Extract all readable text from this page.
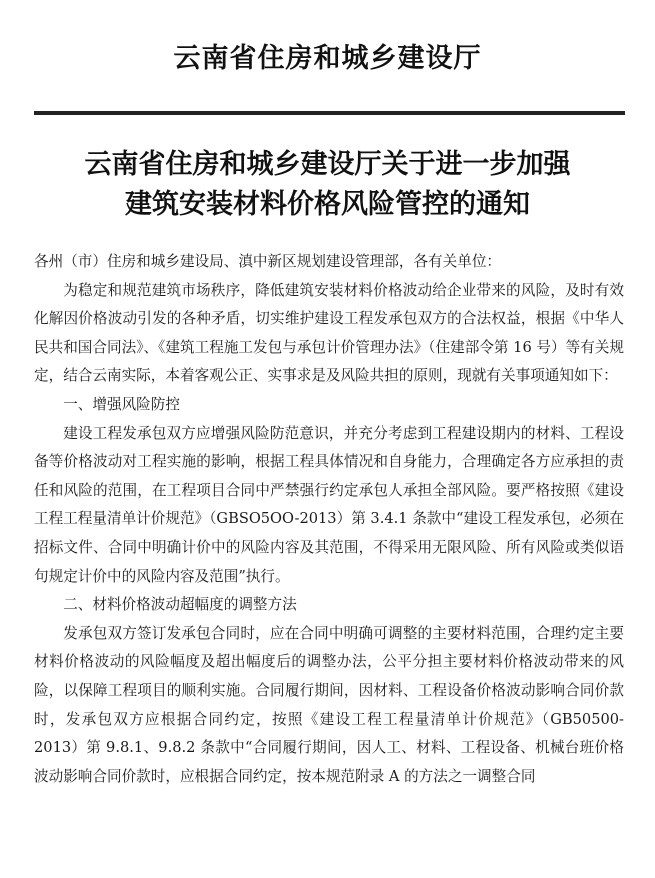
云南省住房和城乡建设厅
云南省住房和城乡建设厅关于进一步加强
建筑安装材料价格风险管控的通知

各州（市）住房和城乡建设局、滇中新区规划建设管理部，各有关单位：

为稳定和规范建筑市场秩序，降低建筑安装材料价格波动给企业带来的风险，及时有效化解因价格波动引发的各种矛盾，切实维护建设工程发承包双方的合法权益，根据《中华人民共和国合同法》、《建筑工程施工发包与承包计价管理办法》（住建部令第 16 号）等有关规定，结合云南实际，本着客观公正、实事求是及风险共担的原则，现就有关事项通知如下：

一、增强风险防控

建设工程发承包双方应增强风险防范意识，并充分考虑到工程建设期内的材料、工程设备等价格波动对工程实施的影响，根据工程具体情况和自身能力，合理确定各方应承担的责任和风险的范围，在工程项目合同中严禁强行约定承包人承担全部风险。要严格按照《建设工程工程量清单计价规范》（GBSO5OO-2013）第 3.4.1 条款中“建设工程发承包，必须在招标文件、合同中明确计价中的风险内容及其范围，不得采用无限风险、所有风险或类似语句规定计价中的风险内容及范围”执行。

二、材料价格波动超幅度的调整方法

发承包双方签订发承包合同时，应在合同中明确可调整的主要材料范围，合理约定主要材料价格波动的风险幅度及超出幅度后的调整办法，公平分担主要材料价格波动带来的风险，以保障工程项目的顺利实施。合同履行期间，因材料、工程设备价格波动影响合同价款时，发承包双方应根据合同约定，按照《建设工程工程量清单计价规范》（GB50500-2013）第 9.8.1、9.8.2 条款中“合同履行期间，因人工、材料、工程设备、机械台班价格波动影响合同价款时，应根据合同约定，按本规范附录 A 的方法之一调整合同
